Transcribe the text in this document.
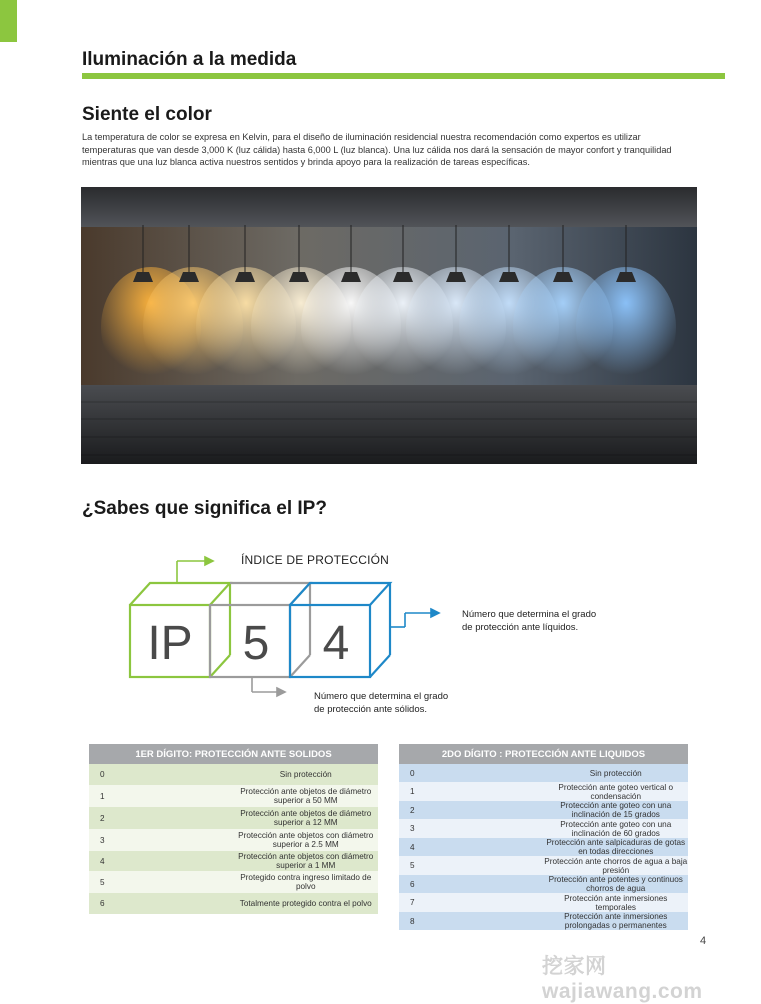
Iluminación a la medida
Siente el color
La temperatura de color se expresa en Kelvin, para el diseño de iluminación residencial nuestra recomendación como expertos es utilizar temperaturas que van desde 3,000 K (luz cálida) hasta 6,000 L (luz blanca). Una luz cálida nos dará la sensación de mayor confort y tranquilidad mientras que una luz blanca activa nuestros sentidos y brinda apoyo para la realización de tareas específicas.
¿Sabes que significa el IP?
ÍNDICE DE PROTECCIÓN
IP 5 4
Número que determina el grado
de protección ante líquidos.
Número que determina el grado
de protección ante sólidos.
1ER DÍGITO: PROTECCIÓN ANTE SOLIDOS	
0	Sin protección
1	Protección ante objetos de diámetro superior a 50 MM
2	Protección ante objetos de diámetro superior a 12 MM
3	Protección ante objetos con diámetro superior a 2.5 MM
4	Protección ante objetos con diámetro superior a 1 MM
5	Protegido contra ingreso limitado de polvo
6	Totalmente protegido contra el polvo
2DO DÍGITO : PROTECCIÓN ANTE LIQUIDOS	
0	Sin protección
1	Protección ante goteo vertical o condensación
2	Protección ante goteo con una inclinación de 15 grados
3	Protección ante goteo con una inclinación de 60 grados
4	Protección ante salpicaduras de gotas en todas direcciones
5	Protección ante chorros de agua a baja presión
6	Protección ante potentes y continuos chorros de agua
7	Protección ante inmersiones temporales
8	Protección ante inmersiones prolongadas o permanentes
4
挖家网 wajiawang.com
